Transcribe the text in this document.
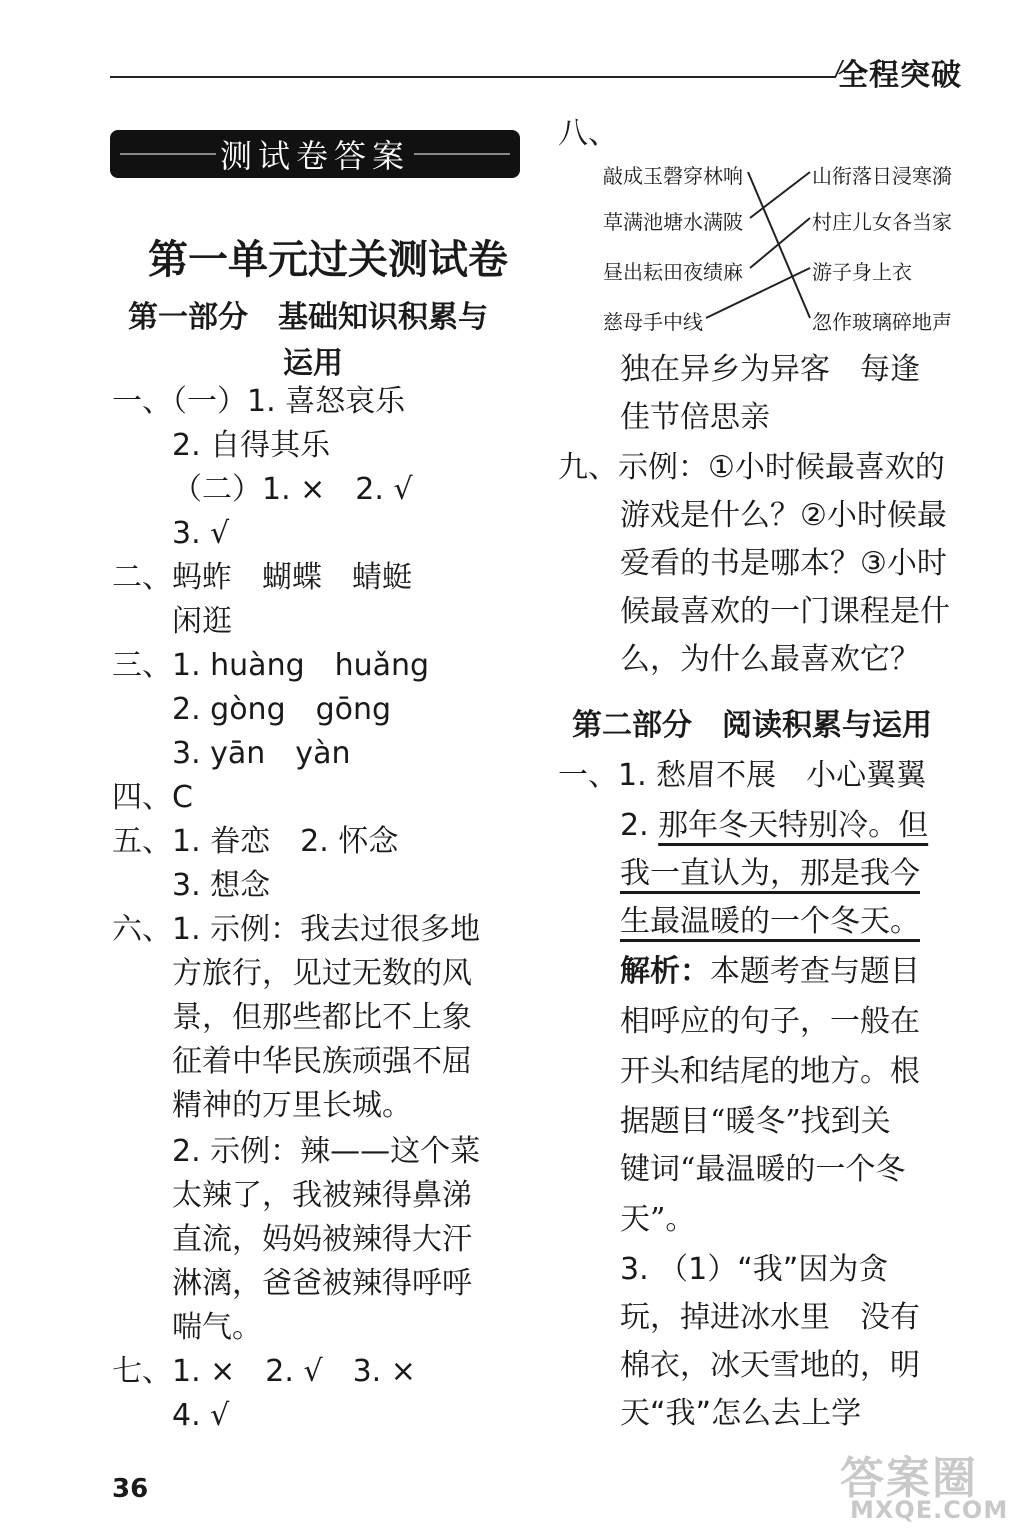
全程突破
测试卷答案
第一单元过关测试卷
第一部分　基础知识积累与
运用
一、（一）1. 喜怒哀乐
2. 自得其乐
（二）1. ×　2. √
3. √
二、蚂蚱　蝴蝶　蜻蜓
闲逛
三、1. huàng　huǎng
2. gòng　gōng
3. yān　yàn
四、C
五、1. 眷恋　2. 怀念
3. 想念
六、1. 示例：我去过很多地
方旅行，见过无数的风
景，但那些都比不上象
征着中华民族顽强不屈
精神的万里长城。
2. 示例：辣——这个菜
太辣了，我被辣得鼻涕
直流，妈妈被辣得大汗
淋漓，爸爸被辣得呼呼
喘气。
七、1. ×　2. √　3. ×
4. √
36
八、
敲成玉磬穿林响
草满池塘水满陂
昼出耘田夜绩麻
慈母手中线
山衔落日浸寒漪
村庄儿女各当家
游子身上衣
忽作玻璃碎地声
独在异乡为异客　每逢
佳节倍思亲
九、示例：①小时候最喜欢的
游戏是什么？②小时候最
爱看的书是哪本？③小时
候最喜欢的一门课程是什
么，为什么最喜欢它？
第二部分　阅读积累与运用
一、1. 愁眉不展　小心翼翼
2. 那年冬天特别冷。但
我一直认为，那是我今
生最温暖的一个冬天。
解析：本题考查与题目
相呼应的句子，一般在
开头和结尾的地方。根
据题目“暖冬”找到关
键词“最温暖的一个冬
天”。
3. （1）“我”因为贪
玩，掉进冰水里　没有
棉衣，冰天雪地的，明
天“我”怎么去上学
答案圈
MXQE.COM
